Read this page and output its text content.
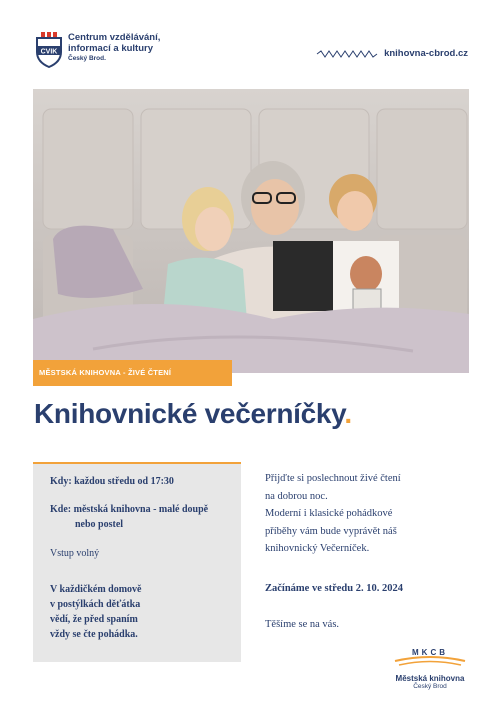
CVIK
Centrum vzdělávání,
informací a kultury
Český Brod.	knihovna-cbrod.cz
MĚSTSKÁ KNIHOVNA - ŽIVÉ ČTENÍ
Knihovnické večerníčky.
Kdy: každou středu od 17:30
Kde: městská knihovna - malé doupě
nebo postel
Vstup volný
V každičkém domově
v postýlkách děťátka
vědí, že před spaním
vždy se čte pohádka.
Přijďte si poslechnout živé čtení
na dobrou noc.
Moderní i klasické pohádkové
příběhy vám bude vyprávět náš
knihovnický Večerníček.
Začínáme ve středu 2. 10. 2024
Těšíme se na vás.
MKCB
Městská knihovna
Český Brod
